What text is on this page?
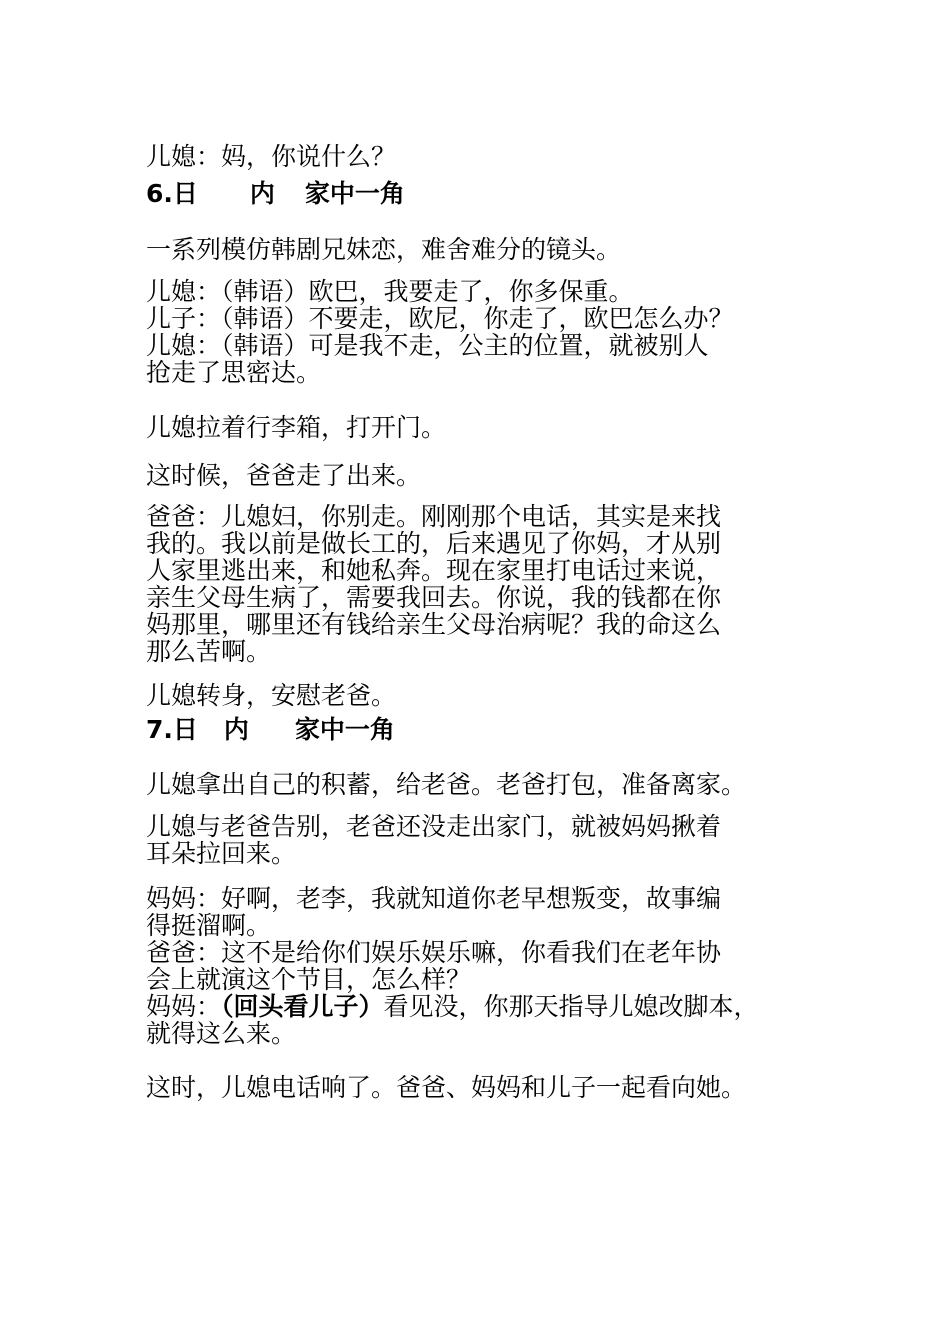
儿媳：妈，你说什么？
6.日 内 家中一角
一系列模仿韩剧兄妹恋，难舍难分的镜头。
儿媳：（韩语）欧巴，我要走了，你多保重。
儿子：（韩语）不要走，欧尼，你走了，欧巴怎么办？
儿媳：（韩语）可是我不走，公主的位置，就被别人
抢走了思密达。
儿媳拉着行李箱，打开门。
这时候，爸爸走了出来。
爸爸：儿媳妇，你别走。刚刚那个电话，其实是来找
我的。我以前是做长工的，后来遇见了你妈，才从别
人家里逃出来，和她私奔。现在家里打电话过来说，
亲生父母生病了，需要我回去。你说，我的钱都在你
妈那里，哪里还有钱给亲生父母治病呢？我的命这么
那么苦啊。
儿媳转身，安慰老爸。
7.日 内 家中一角
儿媳拿出自己的积蓄，给老爸。老爸打包，准备离家。
儿媳与老爸告别，老爸还没走出家门，就被妈妈揪着
耳朵拉回来。
妈妈：好啊，老李，我就知道你老早想叛变，故事编
得挺溜啊。
爸爸：这不是给你们娱乐娱乐嘛，你看我们在老年协
会上就演这个节目，怎么样？
妈妈：（回头看儿子）看见没，你那天指导儿媳改脚本，
就得这么来。
这时，儿媳电话响了。爸爸、妈妈和儿子一起看向她。
